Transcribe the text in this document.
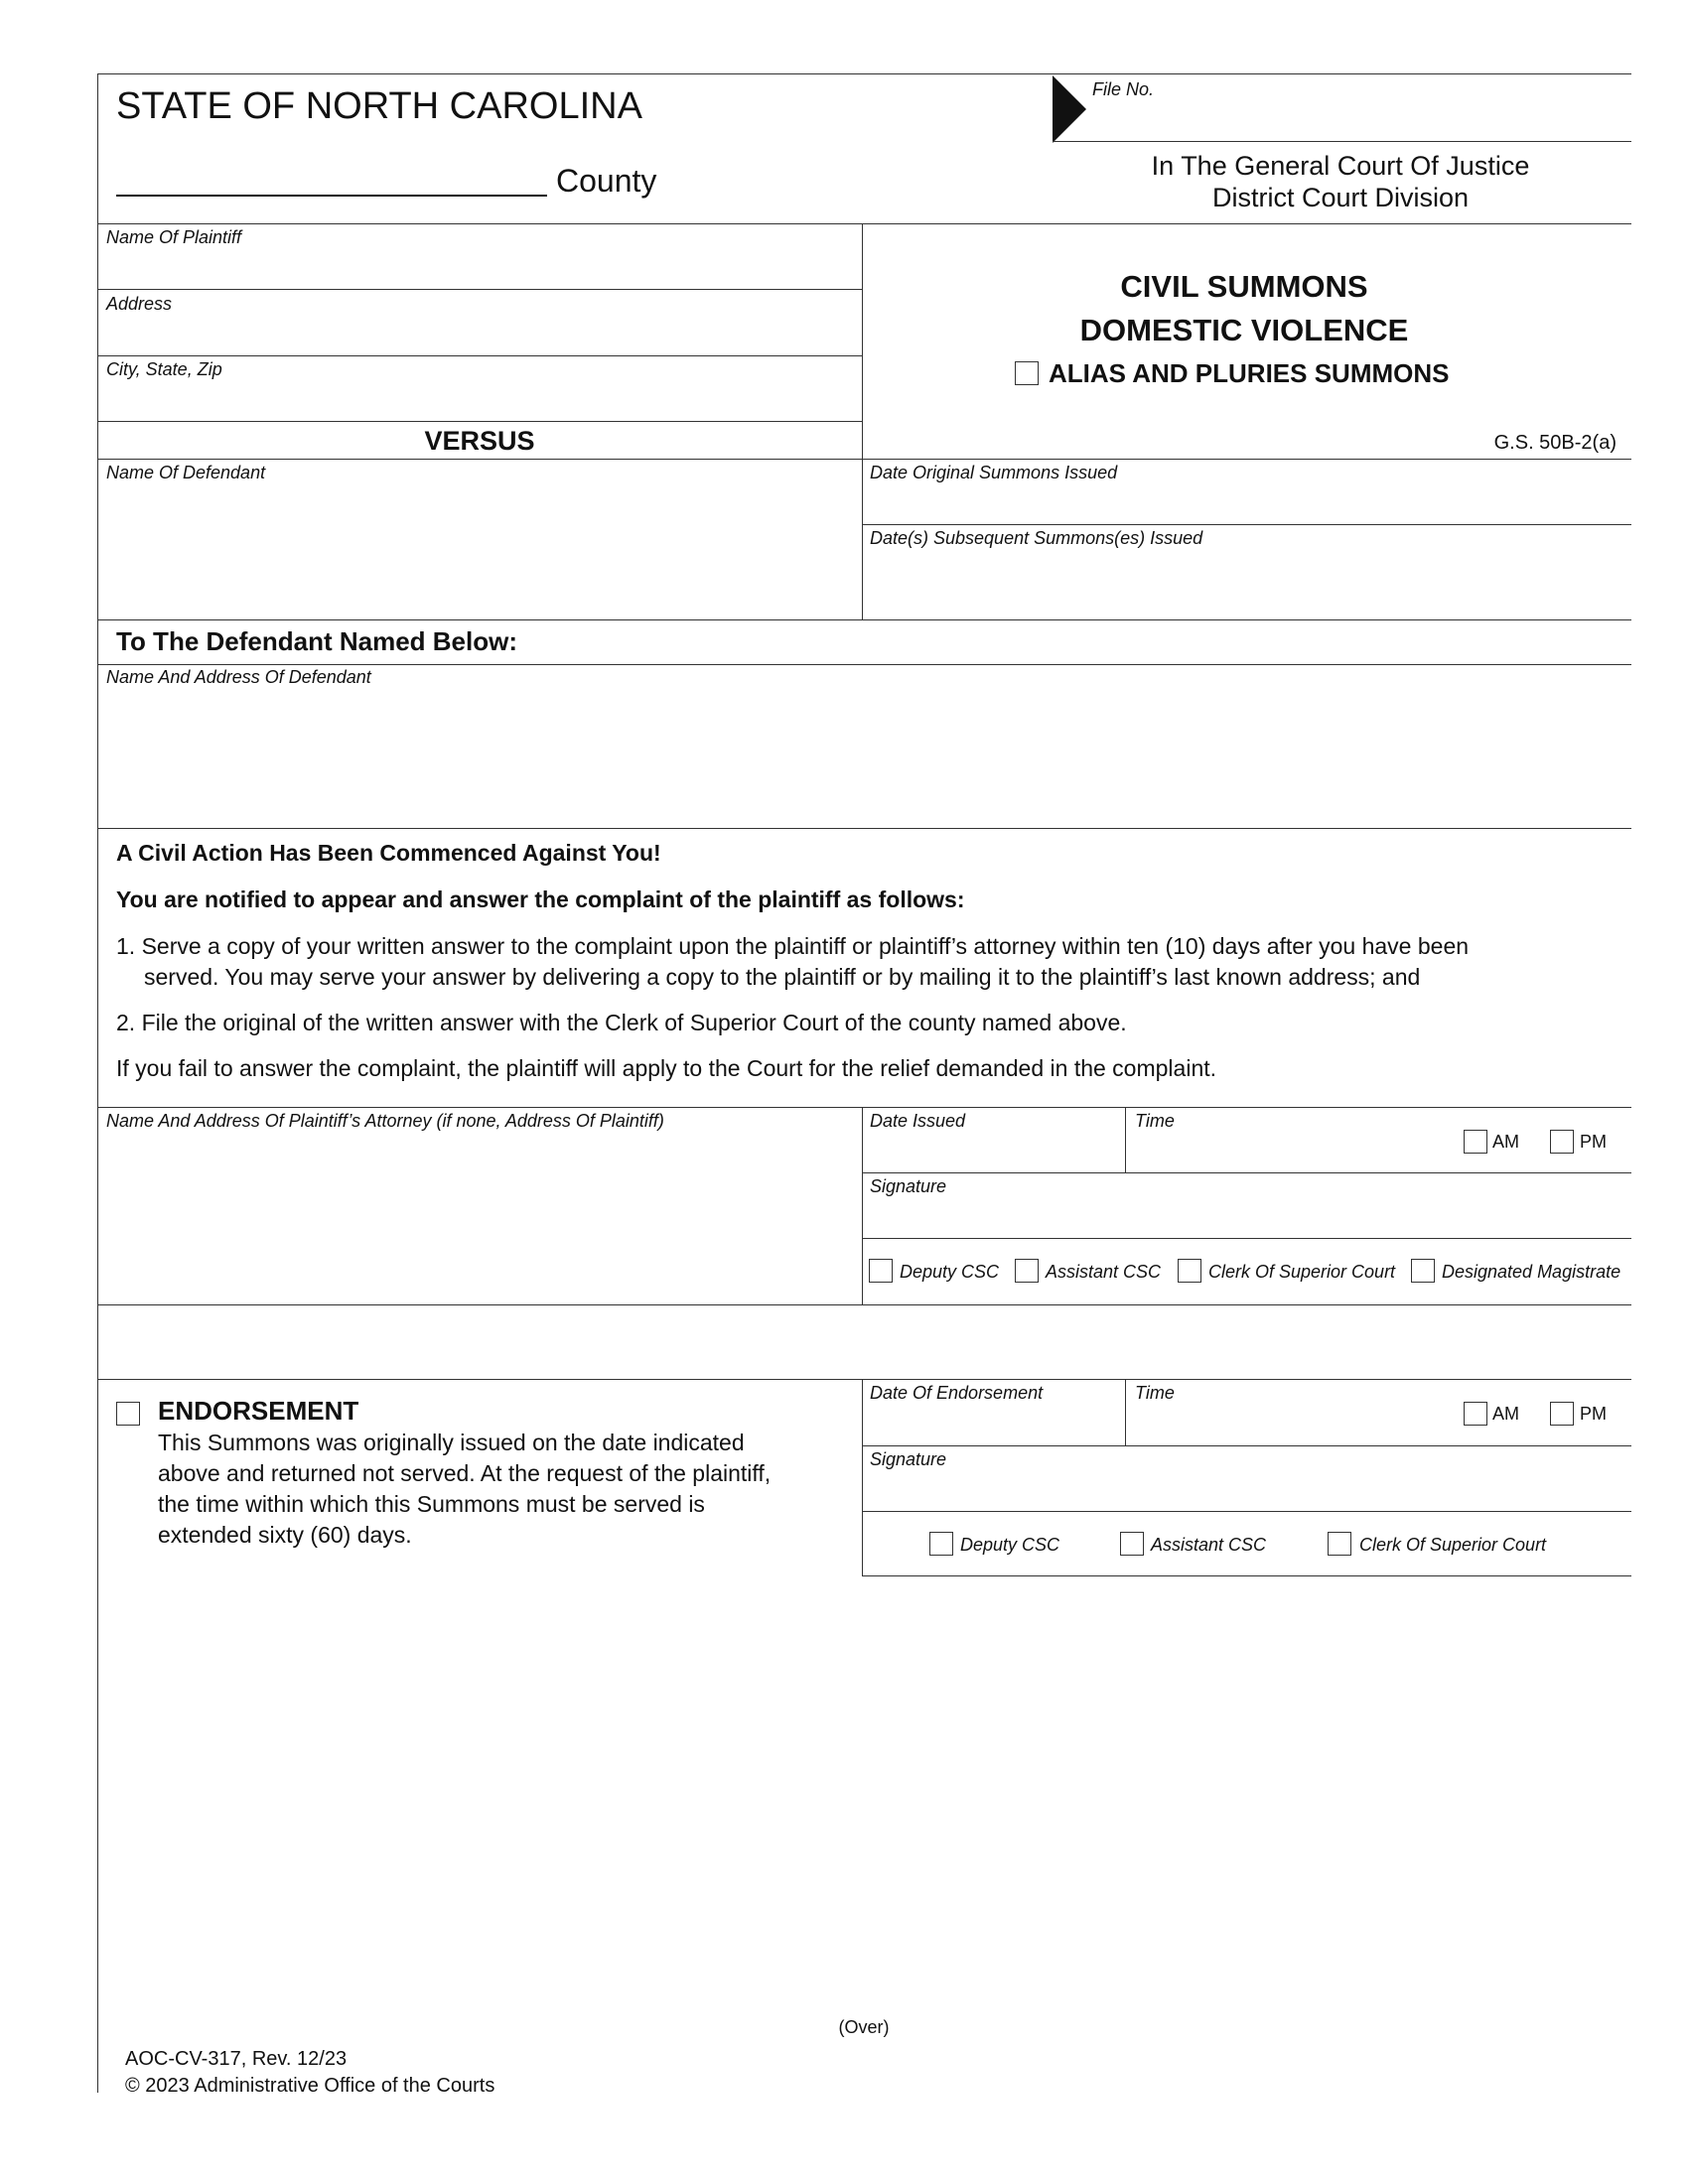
STATE OF NORTH CAROLINA
County
File No.
In The General Court Of Justice
District Court Division
Name Of Plaintiff
Address
City, State, Zip
VERSUS
Name Of Defendant
CIVIL SUMMONS
DOMESTIC VIOLENCE
ALIAS AND PLURIES SUMMONS
G.S. 50B-2(a)
Date Original Summons Issued
Date(s) Subsequent Summons(es) Issued
To The Defendant Named Below:
Name And Address Of Defendant
A Civil Action Has Been Commenced Against You!
You are notified to appear and answer the complaint of the plaintiff as follows:
1. Serve a copy of your written answer to the complaint upon the plaintiff or plaintiff’s attorney within ten (10) days after you have been
served. You may serve your answer by delivering a copy to the plaintiff or by mailing it to the plaintiff’s last known address; and
2. File the original of the written answer with the Clerk of Superior Court of the county named above.
If you fail to answer the complaint, the plaintiff will apply to the Court for the relief demanded in the complaint.
Name And Address Of Plaintiff’s Attorney (if none, Address Of Plaintiff)	Date Issued	Time
AM	PM
Signature
Deputy CSC	Assistant CSC	Clerk Of Superior Court	Designated Magistrate
ENDORSEMENT
This Summons was originally issued on the date indicated
above and returned not served. At the request of the plaintiff,
the time within which this Summons must be served is
extended sixty (60) days.
Date Of Endorsement	Time
AM	PM
Signature
Deputy CSC	Assistant CSC	Clerk Of Superior Court
(Over)
AOC-CV-317, Rev. 12/23
© 2023 Administrative Office of the Courts
